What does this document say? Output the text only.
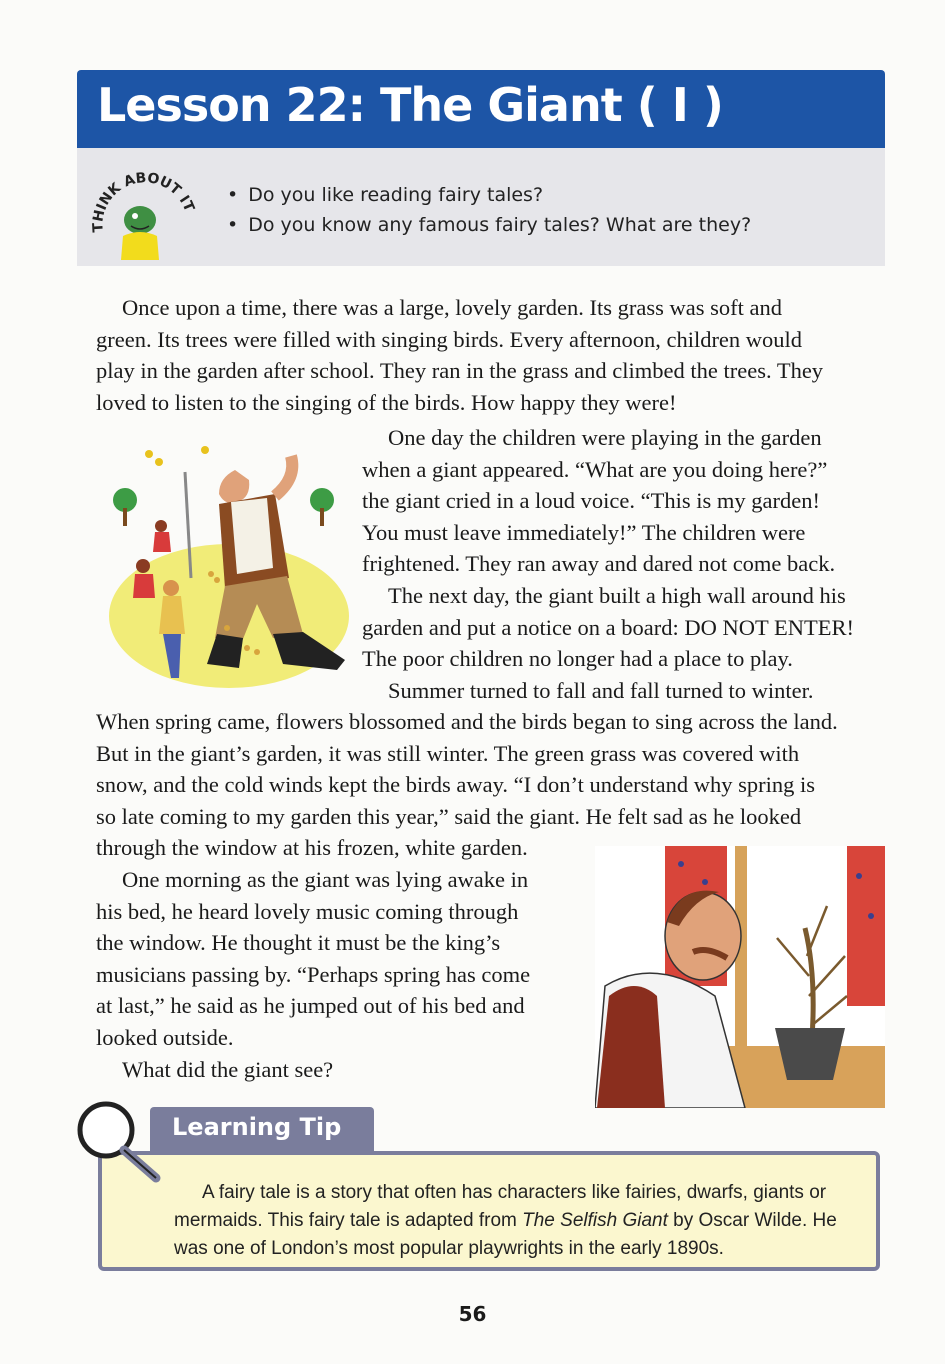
Lesson 22: The Giant ( I )
THINK ABOUT IT
• Do you like reading fairy tales?
• Do you know any famous fairy tales? What are they?
Once upon a time, there was a large, lovely garden. Its grass was soft and
green. Its trees were filled with singing birds. Every afternoon, children would
play in the garden after school. They ran in the grass and climbed the trees. They
loved to listen to the singing of the birds. How happy they were!
One day the children were playing in the garden
when a giant appeared. “What are you doing here?”
the giant cried in a loud voice. “This is my garden!
You must leave immediately!” The children were
frightened. They ran away and dared not come back.
The next day, the giant built a high wall around his
garden and put a notice on a board: DO NOT ENTER!
The poor children no longer had a place to play.
Summer turned to fall and fall turned to winter.
When spring came, flowers blossomed and the birds began to sing across the land.
But in the giant’s garden, it was still winter. The green grass was covered with
snow, and the cold winds kept the birds away. “I don’t understand why spring is
so late coming to my garden this year,” said the giant. He felt sad as he looked
through the window at his frozen, white garden.
One morning as the giant was lying awake in
his bed, he heard lovely music coming through
the window. He thought it must be the king’s
musicians passing by. “Perhaps spring has come
at last,” he said as he jumped out of his bed and
looked outside.
What did the giant see?

A fairy tale is a story that often has characters like fairies, dwarfs, giants or mermaids. This fairy tale is adapted from The Selfish Giant by Oscar Wilde. He was one of London’s most popular playwrights in the early 1890s.

Learning Tip
56
